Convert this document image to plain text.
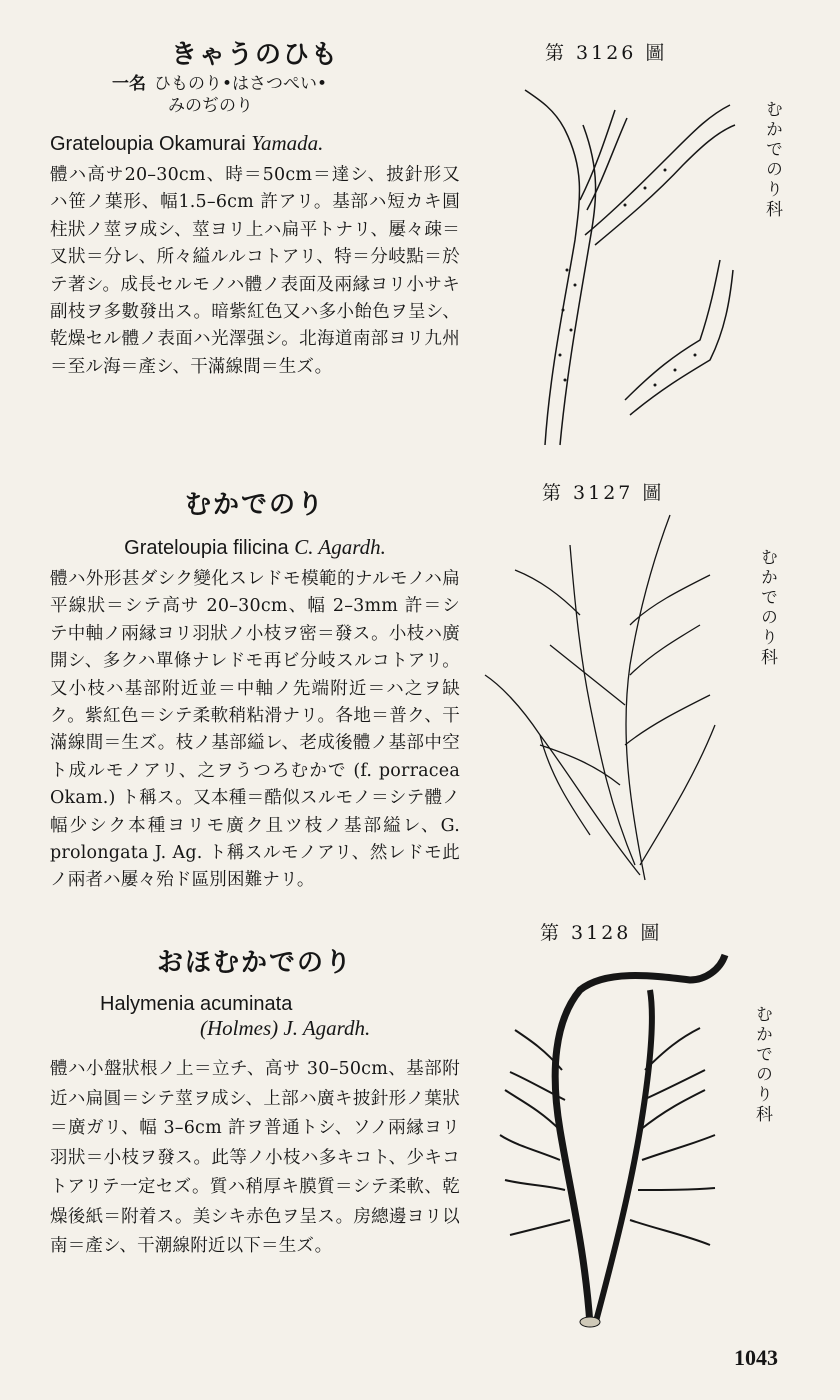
きゃうのひも
一名 ひものり•はさつぺい•
みのぢのり

Grateloupia Okamurai Yamada.

體ハ高サ20–30cm、時＝50cm＝達シ、披針形又ハ笹ノ葉形、幅1.5–6cm 許アリ。基部ハ短カキ圓柱狀ノ莖ヲ成シ、莖ヨリ上ハ扁平トナリ、屢々疎＝叉狀＝分レ、所々縊ルルコトアリ、特＝分岐點＝於テ著シ。成長セルモノハ體ノ表面及兩縁ヨリ小サキ副枝ヲ多數發出ス。暗紫紅色又ハ多小飴色ヲ呈シ、乾燥セル體ノ表面ハ光澤强シ。北海道南部ヨリ九州＝至ル海＝產シ、干滿線間＝生ズ。

むかでのり

Grateloupia filicina C. Agardh.

體ハ外形甚ダシク變化スレドモ模範的ナルモノハ扁平線狀＝シテ高サ 20–30cm、幅 2–3mm 許＝シテ中軸ノ兩縁ヨリ羽狀ノ小枝ヲ密＝發ス。小枝ハ廣開シ、多クハ單條ナレドモ再ビ分岐スルコトアリ。又小枝ハ基部附近並＝中軸ノ先端附近＝ハ之ヲ缺ク。紫紅色＝シテ柔軟稍粘滑ナリ。各地＝普ク、干滿線間＝生ズ。枝ノ基部縊レ、老成後體ノ基部中空ト成ルモノアリ、之ヲうつろむかで (f. porracea Okam.) ト稱ス。又本種＝酷似スルモノ＝シテ體ノ幅少シク本種ヨリモ廣ク且ツ枝ノ基部縊レ、G. prolongata J. Ag. ト稱スルモノアリ、然レドモ此ノ兩者ハ屢々殆ド區別困難ナリ。

おほむかでのり

Halymenia acuminata
(Holmes) J. Agardh.

體ハ小盤狀根ノ上＝立チ、高サ 30–50cm、基部附近ハ扁圓＝シテ莖ヲ成シ、上部ハ廣キ披針形ノ葉狀＝廣ガリ、幅 3–6cm 許ヲ普通トシ、ソノ兩縁ヨリ羽狀＝小枝ヲ發ス。此等ノ小枝ハ多キコト、少キコトアリテ一定セズ。質ハ稍厚キ膜質＝シテ柔軟、乾燥後紙＝附着ス。美シキ赤色ヲ呈ス。房總邊ヨリ以南＝產シ、干潮線附近以下＝生ズ。

第 3126 圖
むかでのり科
第 3127 圖
むかでのり科
第 3128 圖
むかでのり科
1043
